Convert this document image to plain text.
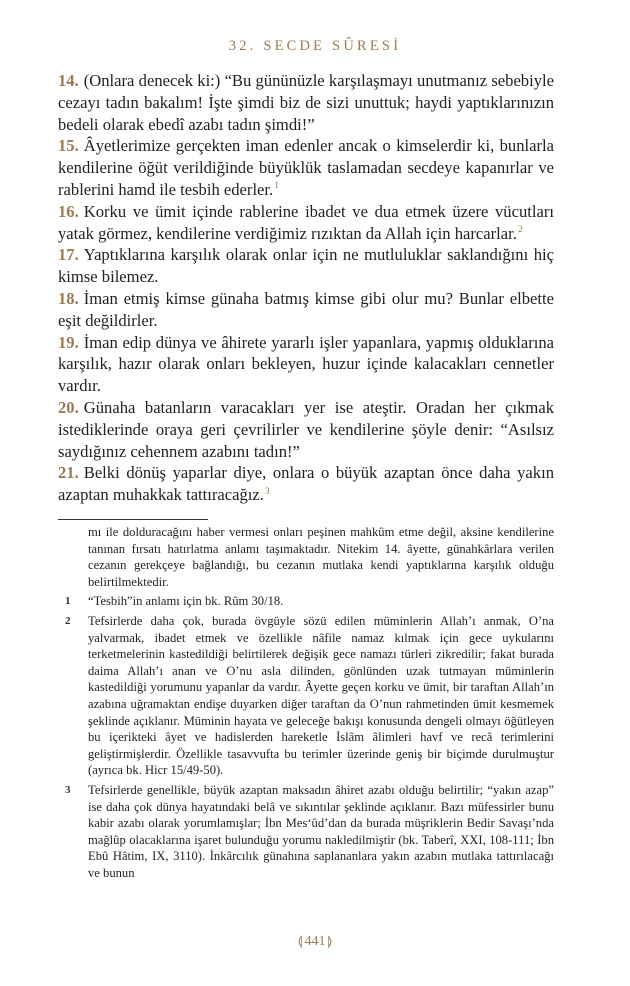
32. SECDE SÛRESİ

14. (Onlara denecek ki:) “Bu gününüzle karşılaşmayı unutmanız sebebiyle cezayı tadın bakalım! İşte şimdi biz de sizi unuttuk; haydi yaptıklarınızın bedeli olarak ebedî azabı tadın şimdi!”

15. Âyetlerimize gerçekten iman edenler ancak o kimselerdir ki, bunlarla kendilerine öğüt verildiğinde büyüklük taslamadan secdeye kapanırlar ve rablerini hamd ile tesbih ederler.$^1$

16. Korku ve ümit içinde rablerine ibadet ve dua etmek üzere vücutları yatak görmez, kendilerine verdiğimiz rızıktan da Allah için harcarlar.$^2$

17. Yaptıklarına karşılık olarak onlar için ne mutluluklar saklandığını hiç kimse bilemez.

18. İman etmiş kimse günaha batmış kimse gibi olur mu? Bunlar elbette eşit değildirler.

19. İman edip dünya ve âhirete yararlı işler yapanlara, yapmış olduklarına karşılık, hazır olarak onları bekleyen, huzur içinde kalacakları cennetler vardır.

20. Günaha batanların varacakları yer ise ateştir. Oradan her çıkmak istediklerinde oraya geri çevrilirler ve kendilerine şöyle denir: “Asılsız saydığınız cehennem azabını tadın!”

21. Belki dönüş yaparlar diye, onlara o büyük azaptan önce daha yakın azaptan muhakkak tattıracağız.$^3$

mı ile dolduracağını haber vermesi onları peşinen mahkûm etme değil, aksine kendilerine tanınan fırsatı hatırlatma anlamı taşımaktadır. Nitekim 14. âyette, günahkârlara verilen cezanın gerekçeye bağlandığı, bu cezanın mutlaka kendi yaptıklarına karşılık olduğu belirtilmektedir.

1 “Tesbih”in anlamı için bk. Rûm 30/18.

2 Tefsirlerde daha çok, burada övgüyle sözü edilen müminlerin Allah’ı anmak, O’na yalvarmak, ibadet etmek ve özellikle nâfile namaz kılmak için gece uykularını terketmelerinin kastedildiği belirtilerek değişik gece namazı türleri zikredilir; fakat burada daima Allah’ı anan ve O’nu asla dilinden, gönlünden uzak tutmayan müminlerin kastedildiği yorumunu yapanlar da vardır. Âyette geçen korku ve ümit, bir taraftan Allah’ın azabına uğramaktan endişe duyarken diğer taraftan da O’nun rahmetinden ümit kesmemek şeklinde açıklanır. Müminin hayata ve geleceğe bakışı konusunda dengeli olmayı öğütleyen bu içerikteki âyet ve hadislerden hareketle İslâm âlimleri havf ve recâ terimlerini geliştirmişlerdir. Özellikle tasavvufta bu terimler üzerinde geniş bir biçimde durulmuştur (ayrıca bk. Hicr 15/49-50).

3 Tefsirlerde genellikle, büyük azaptan maksadın âhiret azabı olduğu belirtilir; “yakın azap” ise daha çok dünya hayatındaki belâ ve sıkıntılar şeklinde açıklanır. Bazı müfessirler bunu kabir azabı olarak yorumlamışlar; İbn Mes‘ûd’dan da burada müşriklerin Bedir Savaşı’nda mağlûp olacaklarına işaret bulunduğu yorumu nakledilmiştir (bk. Taberî, XXI, 108-111; İbn Ebû Hâtim, IX, 3110). İnkârcılık günahına saplananlara yakın azabın mutlaka tattırılacağı ve bunun

⟬ 441 ⟭
